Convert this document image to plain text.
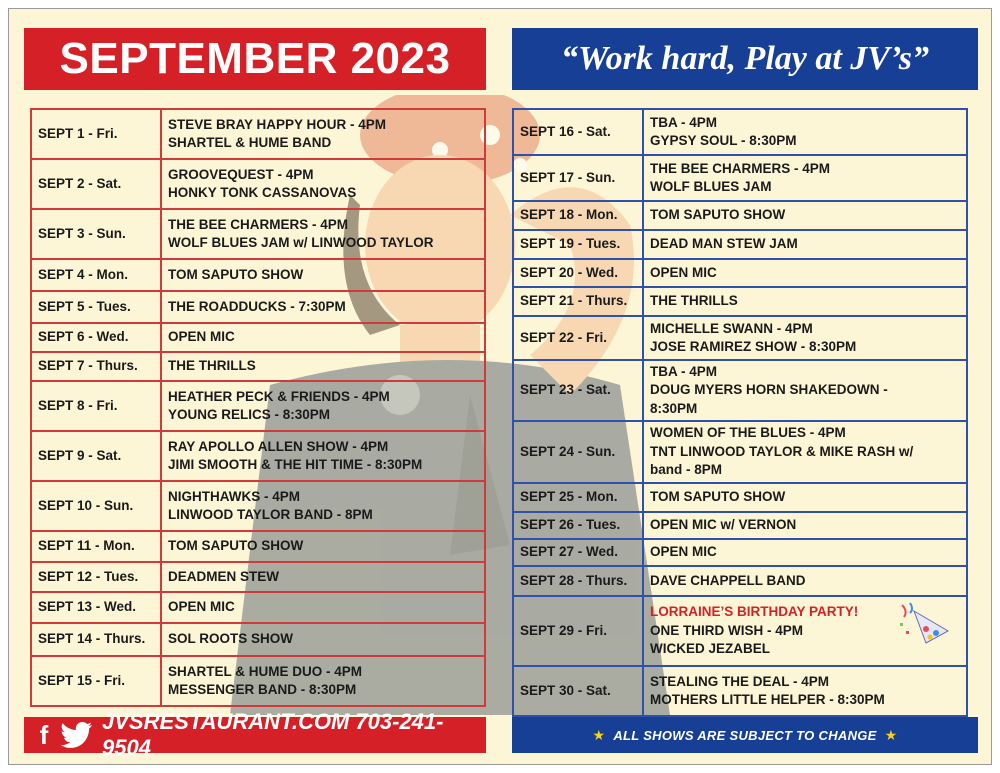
SEPTEMBER 2023	“Work hard, Play at JV’s”
SEPT 1 - Fri.	STEVE BRAY HAPPY HOUR - 4PM
SHARTEL & HUME BAND

SEPT 2 - Sat.	GROOVEQUEST - 4PM
HONKY TONK CASSANOVAS

SEPT 3 - Sun.	THE BEE CHARMERS - 4PM
WOLF BLUES JAM w/ LINWOOD TAYLOR

SEPT 4 - Mon.	TOM SAPUTO SHOW

SEPT 5 - Tues.	THE ROADDUCKS - 7:30PM

SEPT 6 - Wed.	OPEN MIC

SEPT 7 - Thurs.	THE THRILLS

SEPT 8 - Fri.	HEATHER PECK & FRIENDS - 4PM
YOUNG RELICS - 8:30PM

SEPT 9 - Sat.	RAY APOLLO ALLEN SHOW - 4PM
JIMI SMOOTH & THE HIT TIME - 8:30PM

SEPT 10 - Sun.	NIGHTHAWKS - 4PM
LINWOOD TAYLOR BAND - 8PM

SEPT 11 - Mon.	TOM SAPUTO SHOW

SEPT 12 - Tues.	DEADMEN STEW

SEPT 13 - Wed.	OPEN MIC

SEPT 14 - Thurs.	SOL ROOTS SHOW

SEPT 15 - Fri.	SHARTEL & HUME DUO - 4PM
MESSENGER BAND - 8:30PM
SEPT 16 - Sat.	TBA - 4PM
GYPSY SOUL - 8:30PM

SEPT 17 - Sun.	THE BEE CHARMERS - 4PM
WOLF BLUES JAM

SEPT 18 - Mon.	TOM SAPUTO SHOW

SEPT 19 - Tues.	DEAD MAN STEW JAM

SEPT 20 - Wed.	OPEN MIC

SEPT 21 - Thurs.	THE THRILLS

SEPT 22 - Fri.	MICHELLE SWANN - 4PM
JOSE RAMIREZ SHOW - 8:30PM

SEPT 23 - Sat.	TBA - 4PM
DOUG MYERS HORN SHAKEDOWN -
8:30PM

SEPT 24 - Sun.	WOMEN OF THE BLUES - 4PM
TNT LINWOOD TAYLOR & MIKE RASH w/
band - 8PM

SEPT 25 - Mon.	TOM SAPUTO SHOW

SEPT 26 - Tues.	OPEN MIC w/ VERNON

SEPT 27 - Wed.	OPEN MIC

SEPT 28 - Thurs.	DAVE CHAPPELL BAND

SEPT 29 - Fri.	LORRAINE’S BIRTHDAY PARTY!
ONE THIRD WISH - 4PM
WICKED JEZABEL

SEPT 30 - Sat.	STEALING THE DEAL - 4PM
MOTHERS LITTLE HELPER - 8:30PM
f	JVSRESTAURANT.COM 703-241-9504
★ ALL SHOWS ARE SUBJECT TO CHANGE ★
